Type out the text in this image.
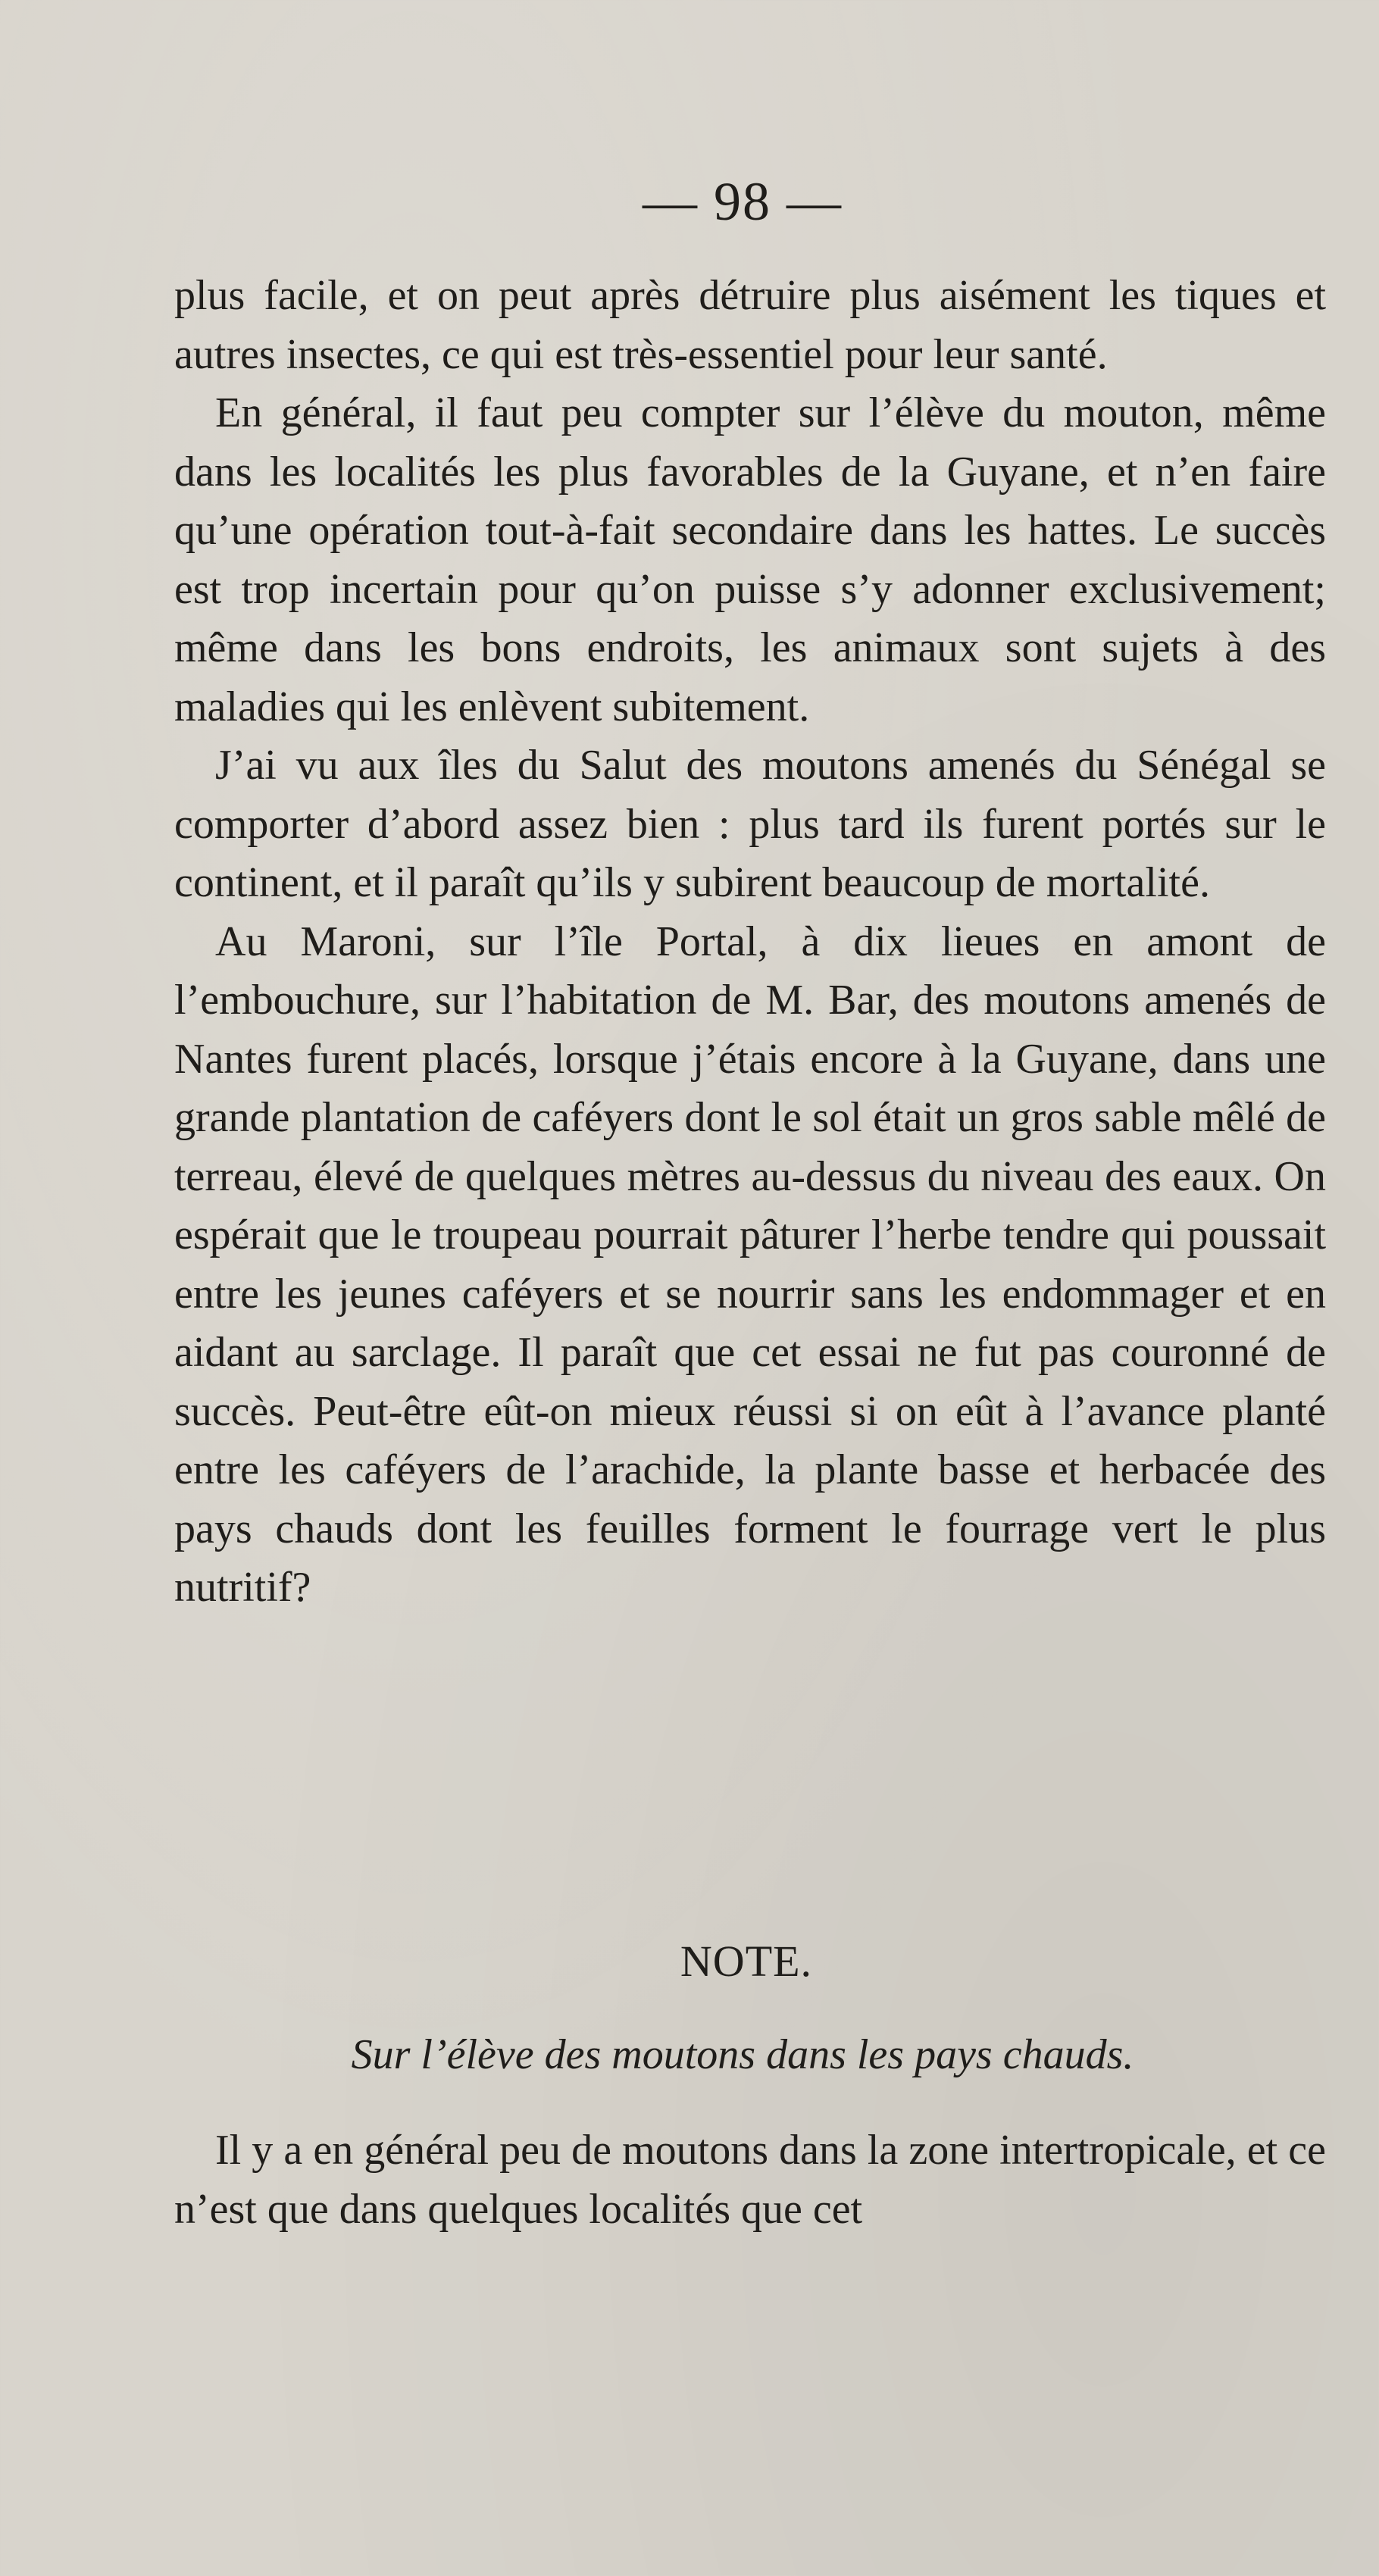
— 98 —

plus facile, et on peut après détruire plus aisément les tiques et autres insectes, ce qui est très-essentiel pour leur santé.

En général, il faut peu compter sur l’élève du mouton, même dans les localités les plus favorables de la Guyane, et n’en faire qu’une opération tout-à-fait secondaire dans les hattes. Le succès est trop incertain pour qu’on puisse s’y adonner exclusivement; même dans les bons endroits, les animaux sont sujets à des maladies qui les enlèvent subitement.

J’ai vu aux îles du Salut des moutons amenés du Sénégal se comporter d’abord assez bien : plus tard ils furent portés sur le continent, et il paraît qu’ils y subirent beaucoup de mortalité.

Au Maroni, sur l’île Portal, à dix lieues en amont de l’embouchure, sur l’habitation de M. Bar, des moutons amenés de Nantes furent placés, lorsque j’étais encore à la Guyane, dans une grande plantation de caféyers dont le sol était un gros sable mêlé de terreau, élevé de quelques mètres au-dessus du niveau des eaux. On espérait que le troupeau pourrait pâturer l’herbe tendre qui poussait entre les jeunes caféyers et se nourrir sans les endommager et en aidant au sarclage. Il paraît que cet essai ne fut pas couronné de succès. Peut-être eût-on mieux réussi si on eût à l’avance planté entre les caféyers de l’arachide, la plante basse et herbacée des pays chauds dont les feuilles forment le fourrage vert le plus nutritif?

NOTE.
Sur l’élève des moutons dans les pays chauds.

Il y a en général peu de moutons dans la zone intertropicale, et ce n’est que dans quelques localités que cet
